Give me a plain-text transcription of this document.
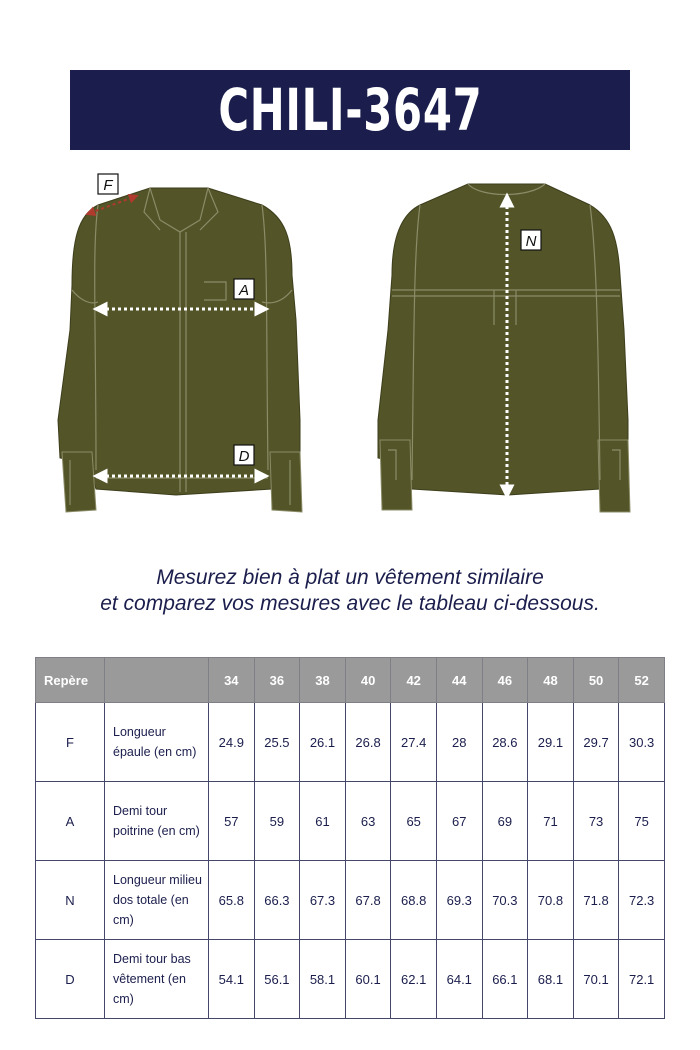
CHILI-3647
F
A
D
N
Mesurez bien à plat un vêtement similaire
et comparez vos mesures avec le tableau ci-dessous.
Repère		34	36	38	40	42	44	46	48	50	52
F	Longueur épaule (en cm)	24.9	25.5	26.1	26.8	27.4	28	28.6	29.1	29.7	30.3
A	Demi tour poitrine (en cm)	57	59	61	63	65	67	69	71	73	75
N	Longueur milieu dos totale (en cm)	65.8	66.3	67.3	67.8	68.8	69.3	70.3	70.8	71.8	72.3
D	Demi tour bas vêtement (en cm)	54.1	56.1	58.1	60.1	62.1	64.1	66.1	68.1	70.1	72.1
